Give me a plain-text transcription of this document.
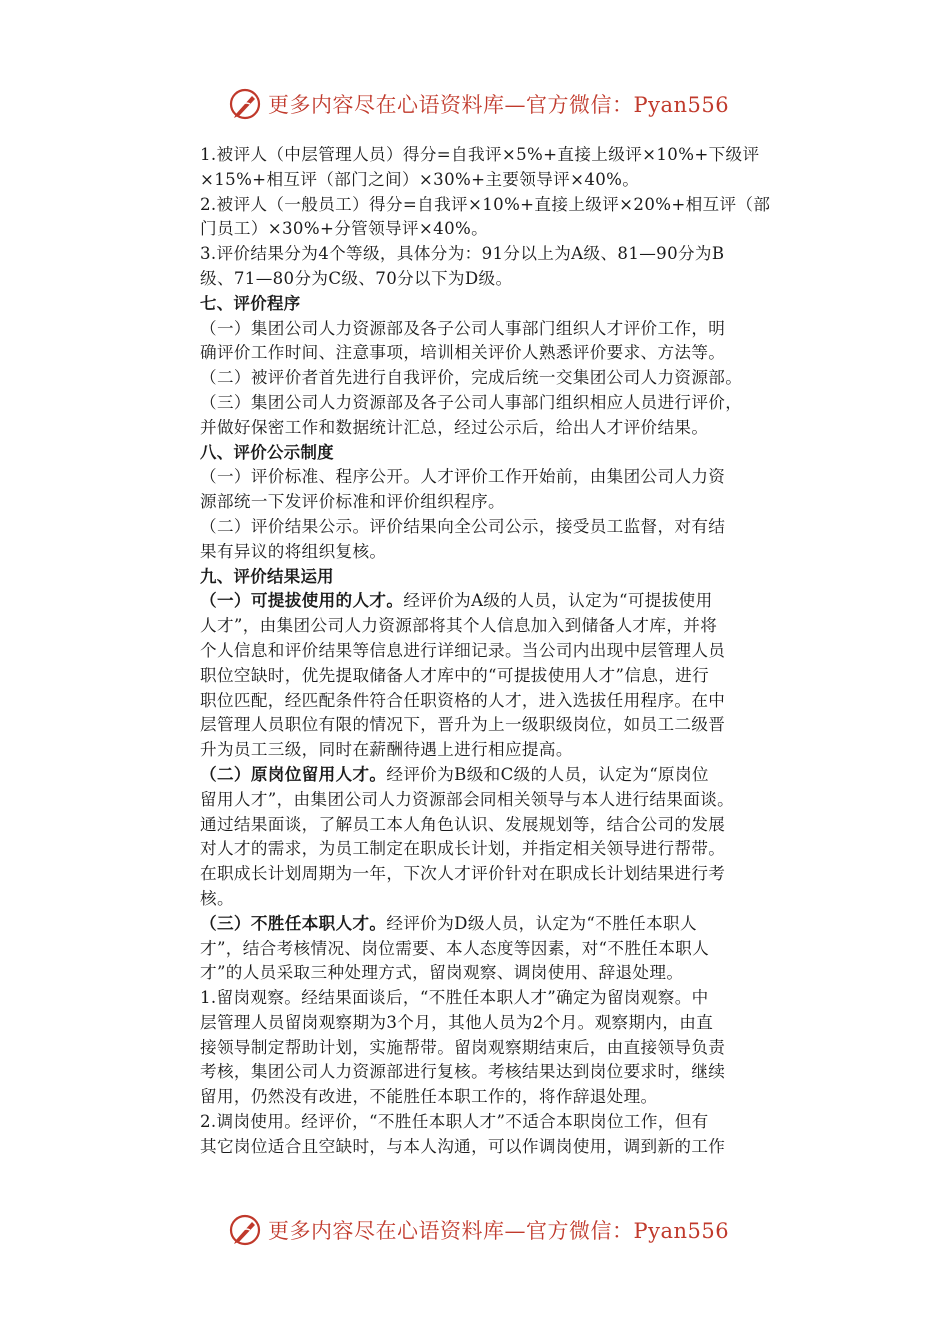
更多内容尽在心语资料库—官方微信：Pyan556
1.被评人（中层管理人员）得分=自我评×5%+直接上级评×10%+下级评
×15%+相互评（部门之间）×30%+主要领导评×40%。
2.被评人（一般员工）得分=自我评×10%+直接上级评×20%+相互评（部
门员工）×30%+分管领导评×40%。
3.评价结果分为4个等级，具体分为：91分以上为A级、81—90分为B
级、71—80分为C级、70分以下为D级。
七、评价程序
（一）集团公司人力资源部及各子公司人事部门组织人才评价工作，明
确评价工作时间、注意事项，培训相关评价人熟悉评价要求、方法等。
（二）被评价者首先进行自我评价，完成后统一交集团公司人力资源部。
（三）集团公司人力资源部及各子公司人事部门组织相应人员进行评价，
并做好保密工作和数据统计汇总，经过公示后，给出人才评价结果。
八、评价公示制度
（一）评价标准、程序公开。人才评价工作开始前，由集团公司人力资
源部统一下发评价标准和评价组织程序。
（二）评价结果公示。评价结果向全公司公示，接受员工监督，对有结
果有异议的将组织复核。
九、评价结果运用
（一）可提拔使用的人才。经评价为A级的人员，认定为“可提拔使用
人才”，由集团公司人力资源部将其个人信息加入到储备人才库，并将
个人信息和评价结果等信息进行详细记录。当公司内出现中层管理人员
职位空缺时，优先提取储备人才库中的“可提拔使用人才”信息，进行
职位匹配，经匹配条件符合任职资格的人才，进入选拔任用程序。在中
层管理人员职位有限的情况下，晋升为上一级职级岗位，如员工二级晋
升为员工三级，同时在薪酬待遇上进行相应提高。
（二）原岗位留用人才。经评价为B级和C级的人员，认定为“原岗位
留用人才”，由集团公司人力资源部会同相关领导与本人进行结果面谈。
通过结果面谈，了解员工本人角色认识、发展规划等，结合公司的发展
对人才的需求，为员工制定在职成长计划，并指定相关领导进行帮带。
在职成长计划周期为一年，下次人才评价针对在职成长计划结果进行考
核。
（三）不胜任本职人才。经评价为D级人员，认定为“不胜任本职人
才”，结合考核情况、岗位需要、本人态度等因素，对“不胜任本职人
才”的人员采取三种处理方式，留岗观察、调岗使用、辞退处理。
1.留岗观察。经结果面谈后，“不胜任本职人才”确定为留岗观察。中
层管理人员留岗观察期为3个月，其他人员为2个月。观察期内，由直
接领导制定帮助计划，实施帮带。留岗观察期结束后，由直接领导负责
考核，集团公司人力资源部进行复核。考核结果达到岗位要求时，继续
留用，仍然没有改进，不能胜任本职工作的，将作辞退处理。
2.调岗使用。经评价，“不胜任本职人才”不适合本职岗位工作，但有
其它岗位适合且空缺时，与本人沟通，可以作调岗使用，调到新的工作
更多内容尽在心语资料库—官方微信：Pyan556
